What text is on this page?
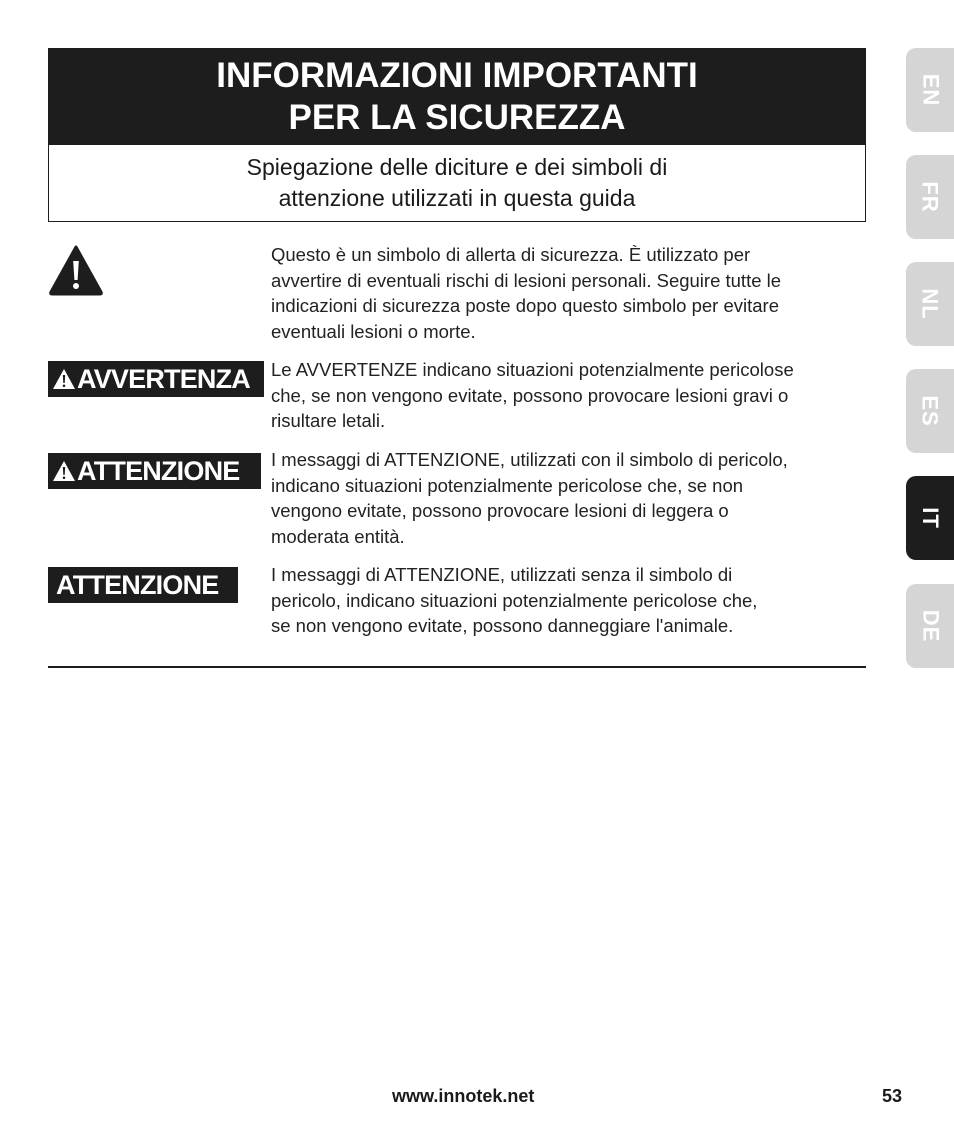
INFORMAZIONI IMPORTANTI
PER LA SICUREZZA
Spiegazione delle diciture e dei simboli di
attenzione utilizzati in questa guida
Questo è un simbolo di allerta di sicurezza. È utilizzato per
avvertire di eventuali rischi di lesioni personali. Seguire tutte le
indicazioni di sicurezza poste dopo questo simbolo per evitare
eventuali lesioni o morte.
AVVERTENZA Le AVVERTENZE indicano situazioni potenzialmente pericolose
che, se non vengono evitate, possono provocare lesioni gravi o
risultare letali.
ATTENZIONE I messaggi di ATTENZIONE, utilizzati con il simbolo di pericolo,
indicano situazioni potenzialmente pericolose che, se non
vengono evitate, possono provocare lesioni di leggera o
moderata entità.
ATTENZIONE	I messaggi di ATTENZIONE, utilizzati senza il simbolo di
pericolo, indicano situazioni potenzialmente pericolose che,
se non vengono evitate, possono danneggiare l'animale.
EN
FR
NL
ES
IT
DE
www.innotek.net	53
